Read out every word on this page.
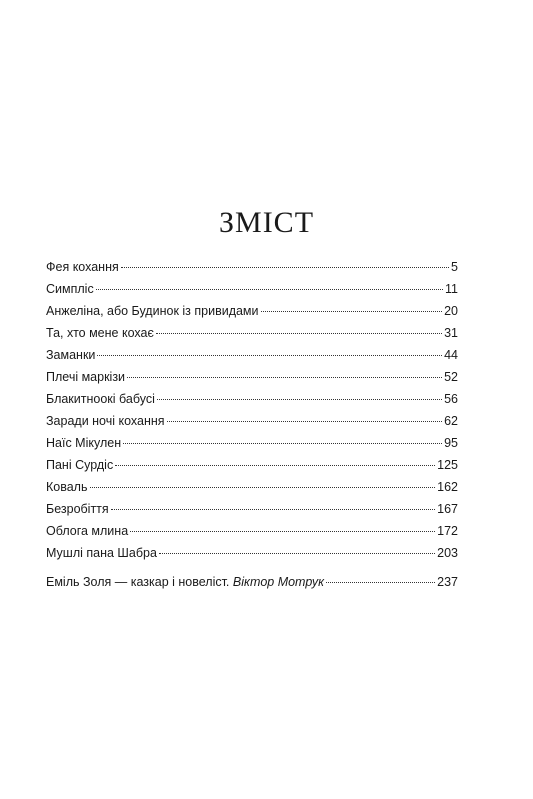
ЗМІСТ
Фея кохання	5
Симпліс	11
Анжеліна, або Будинок із привидами	20
Та, хто мене кохає	31
Заманки	44
Плечі маркізи	52
Блакитноокі бабусі	56
Заради ночі кохання	62
Наїс Мікулен	95
Пані Сурдіс	125
Коваль	162
Безробіття	167
Облога млина	172
Мушлі пана Шабра	203
Еміль Золя — казкар і новеліст. Віктор Мотрук	237
